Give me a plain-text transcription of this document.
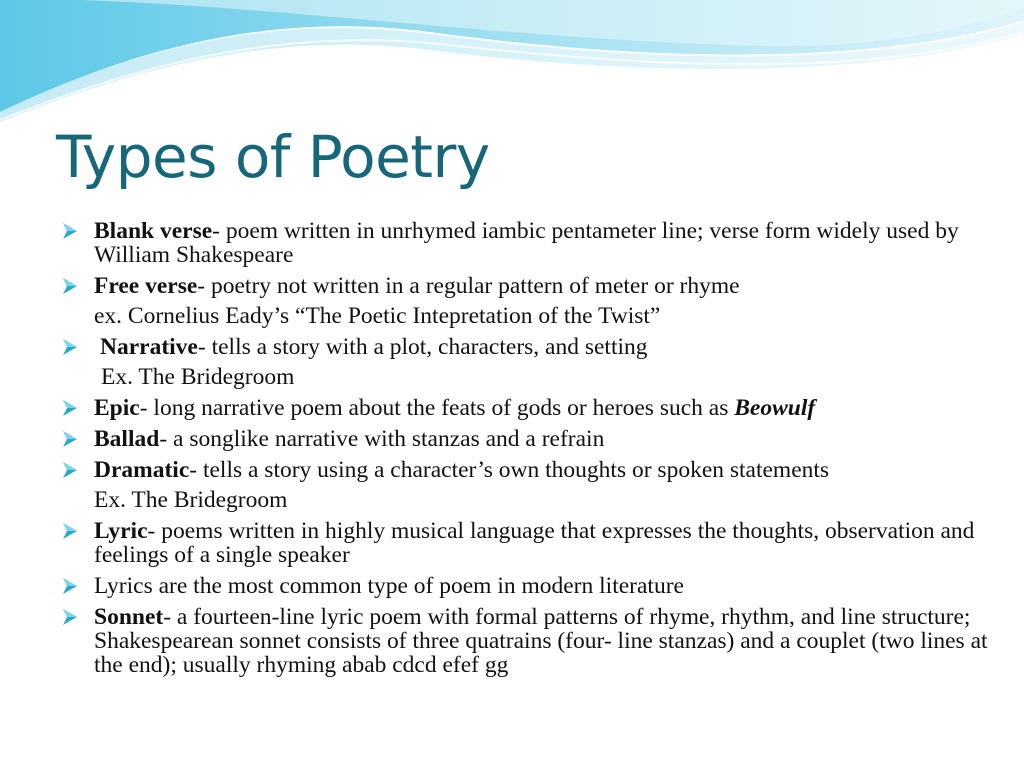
Types of Poetry
Blank verse- poem written in unrhymed iambic pentameter line; verse form widely used by William Shakespeare
Free verse- poetry not written in a regular pattern of meter or rhyme
ex. Cornelius Eady’s “The Poetic Intepretation of the Twist”
Narrative- tells a story with a plot, characters, and setting
Ex. The Bridegroom
Epic- long narrative poem about the feats of gods or heroes such as Beowulf
Ballad- a songlike narrative with stanzas and a refrain
Dramatic- tells a story using a character’s own thoughts or spoken statements
Ex. The Bridegroom
Lyric- poems written in highly musical language that expresses the thoughts, observation and feelings of a single speaker
Lyrics are the most common type of poem in modern literature
Sonnet- a fourteen-line lyric poem with formal patterns of rhyme, rhythm, and line structure; Shakespearean sonnet consists of three quatrains (four- line stanzas) and a couplet (two lines at the end); usually rhyming abab cdcd efef gg
